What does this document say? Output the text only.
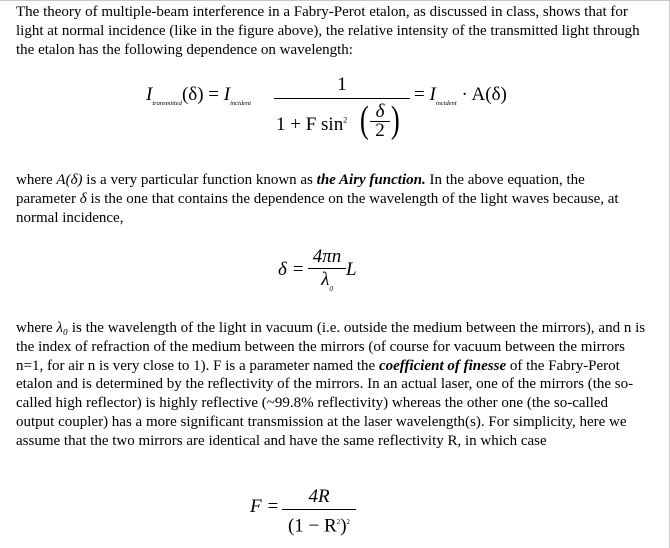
The theory of multiple-beam interference in a Fabry-Perot etalon, as discussed in class, shows that for light at normal incidence (like in the figure above), the relative intensity of the transmitted light through the etalon has the following dependence on wavelength:

$I_{transmitted}(\delta) = I_{incident}$
1
1 + F $\sin^2$ ( δ
2 )
= $I_{incident} \cdot A(\delta)$

where A(δ) is a very particular function known as the Airy function. In the above equation, the parameter δ is the one that contains the dependence on the wavelength of the light waves because, at normal incidence,

δ =
4πn
$\lambda_0$
L

where λ₀ is the wavelength of the light in vacuum (i.e. outside the medium between the mirrors), and n is the index of refraction of the medium between the mirrors (of course for vacuum between the mirrors n=1, for air n is very close to 1). F is a parameter named the coefficient of finesse of the Fabry-Perot etalon and is determined by the reflectivity of the mirrors. In an actual laser, one of the mirrors (the so-called high reflector) is highly reflective (~99.8% reflectivity) whereas the other one (the so-called output coupler) has a more significant transmission at the laser wavelength(s). For simplicity, here we assume that the two mirrors are identical and have the same reflectivity R, in which case

F =	4R
$(1 - R^2)^2$
